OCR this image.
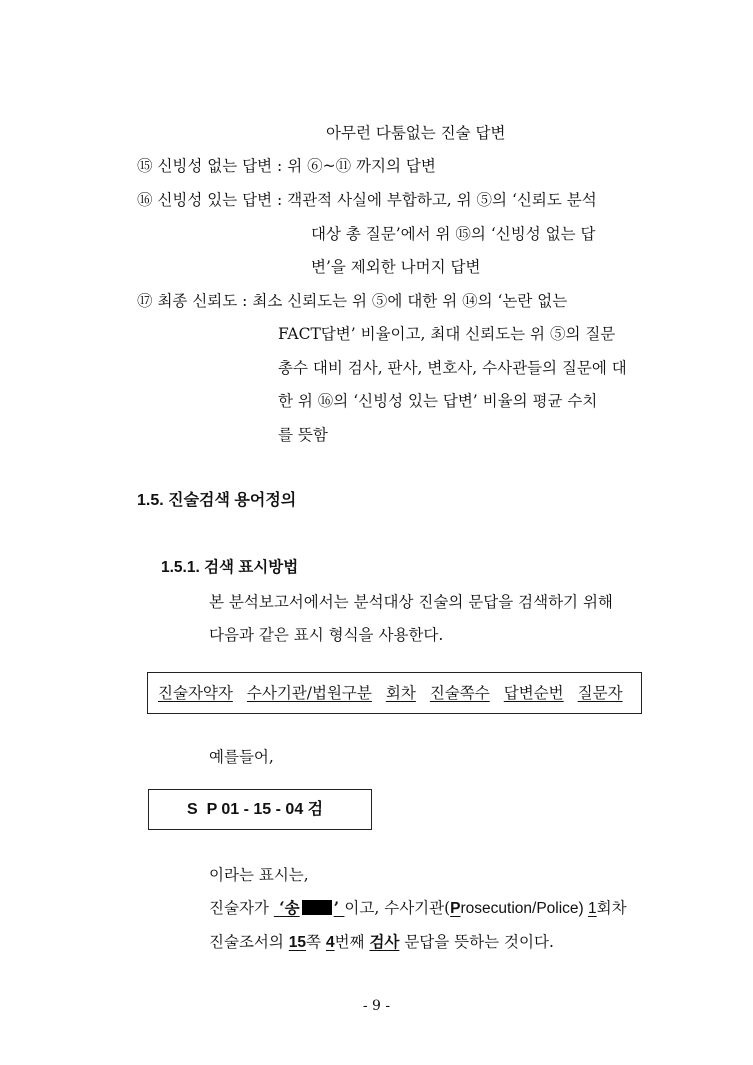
아무런 다툼없는 진술 답변
⑮ 신빙성 없는 답변 : 위 ⑥~⑪ 까지의 답변
⑯ 신빙성 있는 답변 : 객관적 사실에 부합하고, 위 ⑤의 ‘신뢰도 분석
대상 총 질문’에서 위 ⑮의 ‘신빙성 없는 답
변’을 제외한 나머지 답변
⑰ 최종 신뢰도 : 최소 신뢰도는 위 ⑤에 대한 위 ⑭의 ‘논란 없는
FACT답변’ 비율이고, 최대 신뢰도는 위 ⑤의 질문
총수 대비 검사, 판사, 변호사, 수사관들의 질문에 대
한 위 ⑯의 ‘신빙성 있는 답변’ 비율의 평균 수치
를 뜻함
1.5. 진술검색 용어정의
1.5.1. 검색 표시방법
본 분석보고서에서는 분석대상 진술의 문답을 검색하기 위해
다음과 같은 표시 형식을 사용한다.
진술자약자 수사기관/법원구분 회차 진술쪽수 답변순번 질문자
예를들어,
S  P 01 - 15 - 04 검
이라는 표시는,
진술자가  ‘송 ’ 이고, 수사기관(Prosecution/Police) 1회차
진술조서의 15쪽 4번째 검사 문답을 뜻하는 것이다.
- 9 -
